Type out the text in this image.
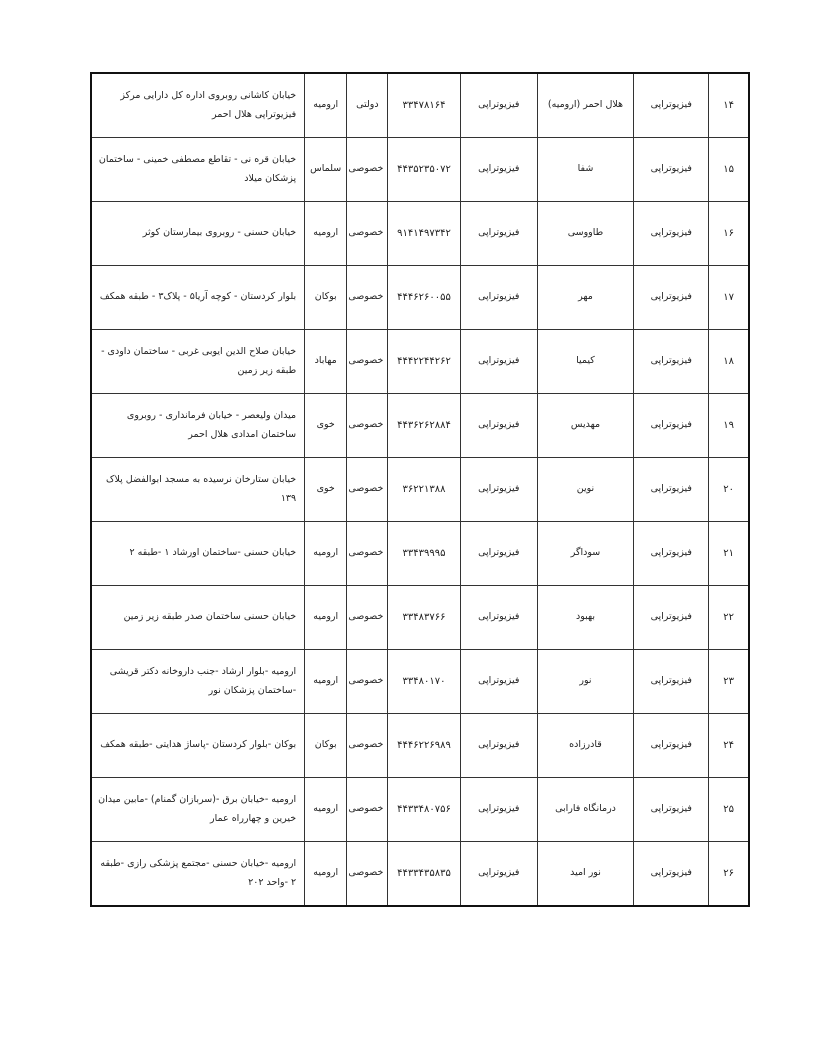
خیابان کاشانی روبروی اداره کل دارایی مرکز فیزیوتراپی هلال احمر	ارومیه	دولتی	۳۳۴۷۸۱۶۴	فیزیوتراپی	هلال احمر (ارومیه)	فیزیوتراپی	۱۴
خیابان قره نی - تقاطع مصطفی خمینی - ساختمان پزشکان میلاد	سلماس	خصوصی	۴۴۳۵۲۳۵۰۷۲	فیزیوتراپی	شفا	فیزیوتراپی	۱۵
خیابان حسنی - روبروی بیمارستان کوثر	ارومیه	خصوصی	۹۱۴۱۴۹۷۳۴۲	فیزیوتراپی	طاووسی	فیزیوتراپی	۱۶
بلوار کردستان - کوچه آریا۵ - پلاک۳ - طبقه همکف	بوکان	خصوصی	۴۴۴۶۲۶۰۰۵۵	فیزیوتراپی	مهر	فیزیوتراپی	۱۷
خیابان صلاح الدین ایوبی غربی - ساختمان داودی - طبقه زیر زمین	مهاباد	خصوصی	۴۴۴۲۲۴۴۲۶۲	فیزیوتراپی	کیمیا	فیزیوتراپی	۱۸
میدان ولیعصر - خیابان فرمانداری - روبروی ساختمان امدادی هلال احمر	خوی	خصوصی	۴۴۳۶۲۶۲۸۸۴	فیزیوتراپی	مهدیس	فیزیوتراپی	۱۹
خیابان ستارخان نرسیده به مسجد ابوالفضل پلاک ۱۳۹	خوی	خصوصی	۳۶۲۲۱۳۸۸	فیزیوتراپی	نوین	فیزیوتراپی	۲۰
خیابان حسنی -ساختمان اورشاد ۱ -طبقه ۲	ارومیه	خصوصی	۳۳۴۳۹۹۹۵	فیزیوتراپی	سوداگر	فیزیوتراپی	۲۱
خیابان حسنی ساختمان صدر طبقه زیر زمین	ارومیه	خصوصی	۳۳۴۸۳۷۶۶	فیزیوتراپی	بهبود	فیزیوتراپی	۲۲
ارومیه -بلوار ارشاد -جنب داروخانه دکتر قریشی -ساختمان پزشکان نور	ارومیه	خصوصی	۳۳۴۸۰۱۷۰	فیزیوتراپی	نور	فیزیوتراپی	۲۳
بوکان -بلوار کردستان -پاساژ هدایتی -طبقه همکف	بوکان	خصوصی	۴۴۴۶۲۲۶۹۸۹	فیزیوتراپی	قادرزاده	فیزیوتراپی	۲۴
ارومیه -خیابان برق -(سربازان گمنام) -مابین میدان خیرین و چهارراه عمار	ارومیه	خصوصی	۴۴۳۳۴۸۰۷۵۶	فیزیوتراپی	درمانگاه فارابی	فیزیوتراپی	۲۵
ارومیه -خیابان حسنی -مجتمع پزشکی رازی -طبقه ۲ -واحد ۲۰۲	ارومیه	خصوصی	۴۴۳۳۴۳۵۸۳۵	فیزیوتراپی	نور امید	فیزیوتراپی	۲۶
